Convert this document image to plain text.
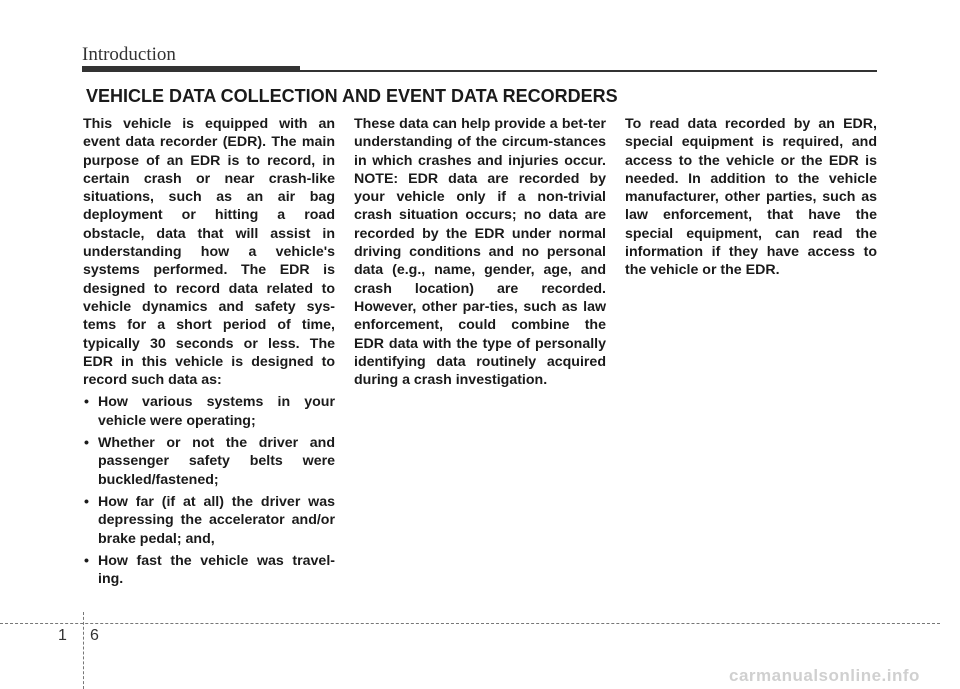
Introduction
VEHICLE DATA COLLECTION AND EVENT DATA RECORDERS

This vehicle is equipped with an event data recorder (EDR). The main purpose of an EDR is to record, in certain crash or near crash-like situations, such as an air bag deployment or hitting a road obstacle, data that will assist in understanding how a vehicle's systems performed. The EDR is designed to record data related to vehicle dynamics and safety sys-tems for a short period of time, typically 30 seconds or less. The EDR in this vehicle is designed to record such data as:

• How various systems in your vehicle were operating;
• Whether or not the driver and passenger safety belts were buckled/fastened;
• How far (if at all) the driver was depressing the accelerator and/or brake pedal; and,
• How fast the vehicle was travel-ing.

These data can help provide a bet-ter understanding of the circum-stances in which crashes and injuries occur. NOTE: EDR data are recorded by your vehicle only if a non-trivial crash situation occurs; no data are recorded by the EDR under normal driving conditions and no personal data (e.g., name, gender, age, and crash location) are recorded. However, other par-ties, such as law enforcement, could combine the EDR data with the type of personally identifying data routinely acquired during a crash investigation.

To read data recorded by an EDR, special equipment is required, and access to the vehicle or the EDR is needed. In addition to the vehicle manufacturer, other parties, such as law enforcement, that have the special equipment, can read the information if they have access to the vehicle or the EDR.

1 6
carmanualsonline.info
